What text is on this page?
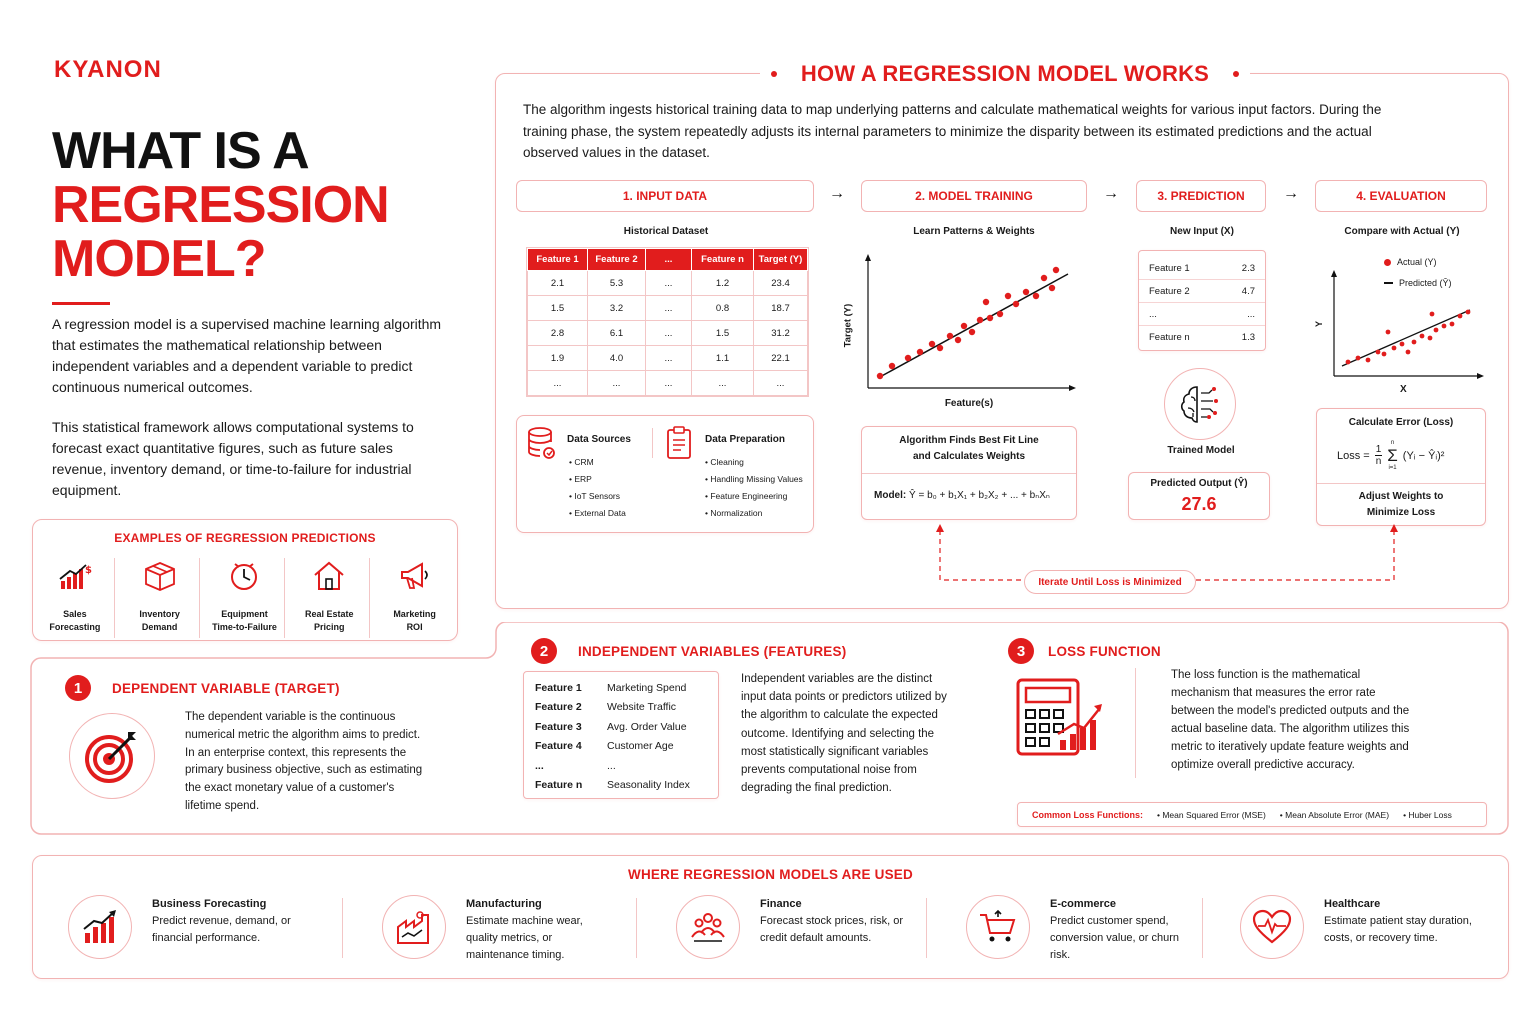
KYANON
WHAT IS A
REGRESSION
MODEL?

A regression model is a supervised machine learning algorithm that estimates the mathematical relationship between independent variables and a dependent variable to predict continuous numerical outcomes.

This statistical framework allows computational systems to forecast exact quantitative figures, such as future sales revenue, inventory demand, or time-to-failure for industrial equipment.

EXAMPLES OF REGRESSION PREDICTIONS
$
Sales
Forecasting
Inventory
Demand
Equipment
Time-to-Failure
Real Estate
Pricing
Marketing
ROI
HOW A REGRESSION MODEL WORKS

The algorithm ingests historical training data to map underlying patterns and calculate mathematical weights for various input factors. During the training phase, the system repeatedly adjusts its internal parameters to minimize the disparity between its estimated predictions and the actual observed values in the dataset.

1. INPUT DATA	→	2. MODEL TRAINING	→	3. PREDICTION	→	4. EVALUATION
Historical Dataset
Feature 1	Feature 2	...	Feature n	Target (Y)
2.1	5.3	...	1.2	23.4
1.5	3.2	...	0.8	18.7
2.8	6.1	...	1.5	31.2
1.9	4.0	...	1.1	22.1
...	...	...	...	...
Data Sources
• CRM
• ERP
• IoT Sensors
• External Data
Data Preparation
• Cleaning
• Handling Missing Values
• Feature Engineering
• Normalization
Learn Patterns & Weights
Target (Y)
Feature(s)
Algorithm Finds Best Fit Line
and Calculates Weights
Model: Ŷ = b₀ + b₁X₁ + b₂X₂ + ... + bₙXₙ
New Input (X)
Feature 1	2.3
Feature 2	4.7
...	...
Feature n	1.3
Trained Model
Predicted Output (Ŷ)
27.6
Compare with Actual (Y)
Actual (Y)
Predicted (Ŷ)
Y
X
Calculate Error (Loss)
Loss = $\frac{1}{n}$
n
Σ
i=1
(Yᵢ − Ŷᵢ)²
Adjust Weights to
Minimize Loss
Iterate Until Loss is Minimized
1	DEPENDENT VARIABLE (TARGET)

The dependent variable is the continuous numerical metric the algorithm aims to predict. In an enterprise context, this represents the primary business objective, such as estimating the exact monetary value of a customer's lifetime spend.

2	INDEPENDENT VARIABLES (FEATURES)
Feature 1	Marketing Spend
Feature 2	Website Traffic
Feature 3	Avg. Order Value
Feature 4	Customer Age
...	...
Feature n	Seasonality Index

Independent variables are the distinct input data points or predictors utilized by the algorithm to calculate the expected outcome. Identifying and selecting the most statistically significant variables prevents computational noise from degrading the final prediction.

3	LOSS FUNCTION

The loss function is the mathematical mechanism that measures the error rate between the model's predicted outputs and the actual baseline data. The algorithm utilizes this metric to iteratively update feature weights and optimize overall predictive accuracy.

Common Loss Functions: • Mean Squared Error (MSE) • Mean Absolute Error (MAE) • Huber Loss
WHERE REGRESSION MODELS ARE USED
Business Forecasting
Predict revenue, demand, or financial performance.
Manufacturing
Estimate machine wear, quality metrics, or maintenance timing.
Finance
Forecast stock prices, risk, or credit default amounts.
E-commerce
Predict customer spend, conversion value, or churn risk.
Healthcare
Estimate patient stay duration, costs, or recovery time.
